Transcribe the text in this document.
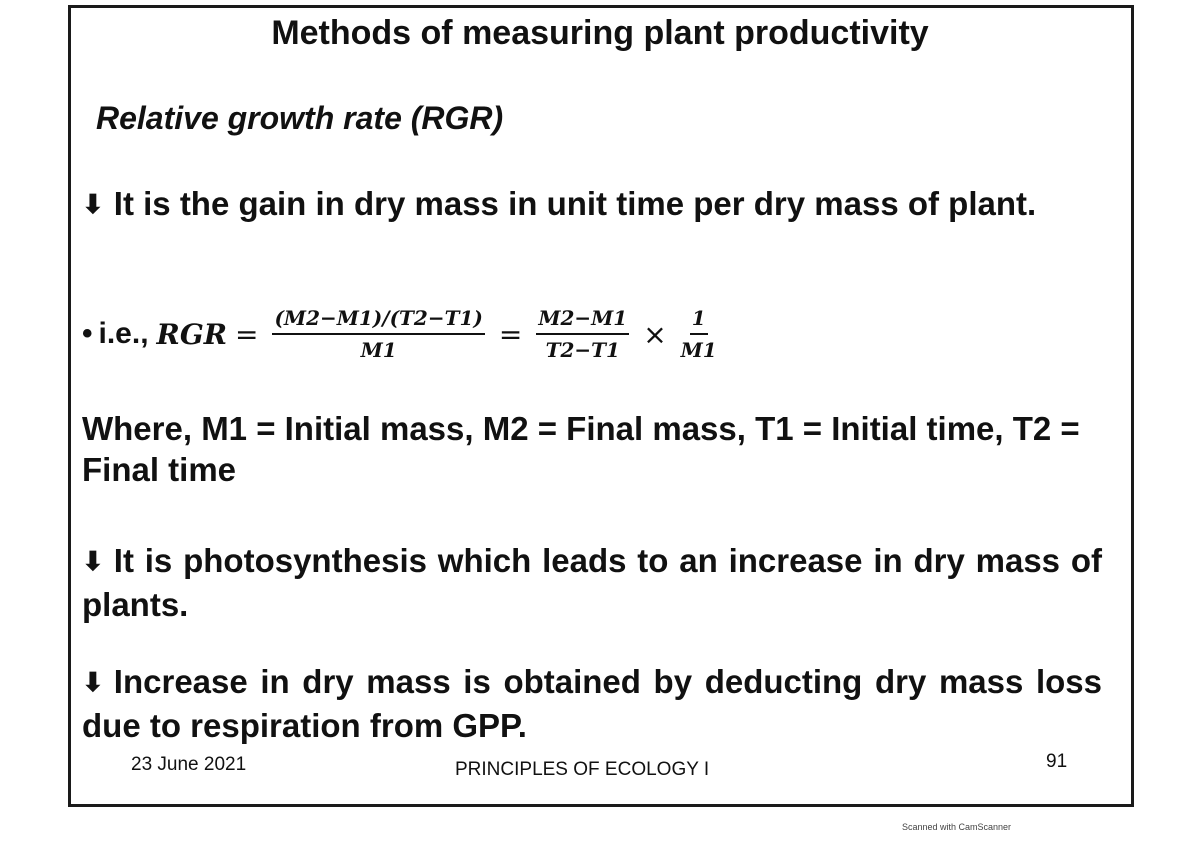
Methods of measuring plant productivity
Relative growth rate (RGR)
⬇ It is the gain in dry mass in unit time per dry mass of plant.
• i.e., RGR = $\frac{(M2-M1)/(T2-T1)}{M1} = \frac{M2-M1}{T2-T1} \times \frac{1}{M1}$
Where, M1 = Initial mass, M2 = Final mass, T1 = Initial time, T2 = Final time
⬇ It is photosynthesis which leads to an increase in dry mass of plants.
⬇ Increase in dry mass is obtained by deducting dry mass loss due to respiration from GPP.
23 June 2021	PRINCIPLES OF ECOLOGY I	91
Scanned with CamScanner
